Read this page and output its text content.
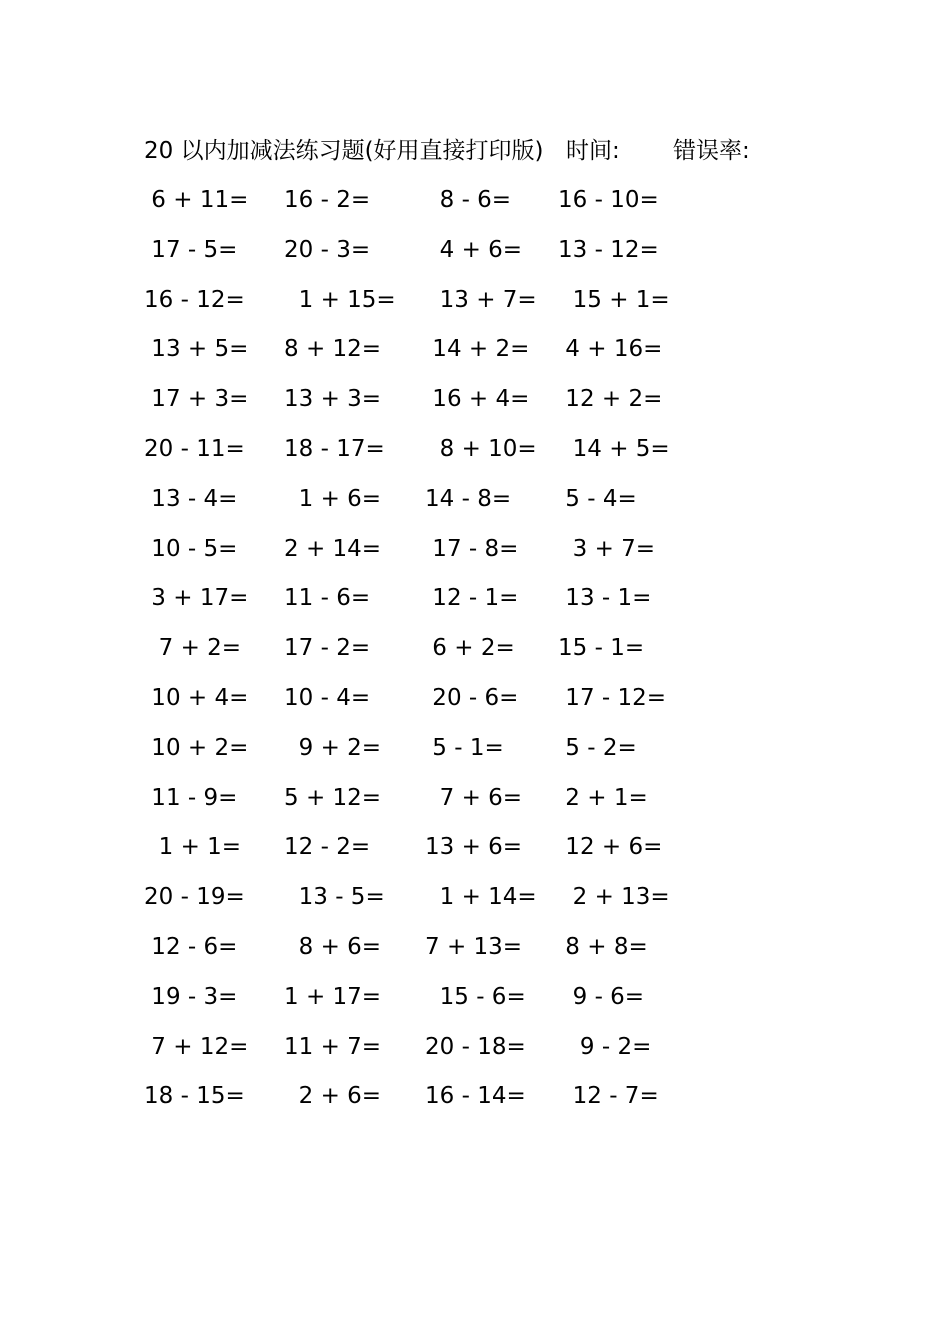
20 以内加减法练习题(好用直接打印版) 时间: 错误率:
6 + 11= 16 - 2= 8 - 6= 16 - 10=
17 - 5= 20 - 3= 4 + 6= 13 - 12=
16 - 12= 1 + 15= 13 + 7= 15 + 1=
13 + 5= 8 + 12= 14 + 2= 4 + 16=
17 + 3= 13 + 3= 16 + 4= 12 + 2=
20 - 11= 18 - 17= 8 + 10= 14 + 5=
13 - 4= 1 + 6= 14 - 8= 5 - 4=
10 - 5= 2 + 14= 17 - 8= 3 + 7=
3 + 17= 11 - 6= 12 - 1= 13 - 1=
7 + 2= 17 - 2= 6 + 2= 15 - 1=
10 + 4= 10 - 4= 20 - 6= 17 - 12=
10 + 2= 9 + 2= 5 - 1= 5 - 2=
11 - 9= 5 + 12= 7 + 6= 2 + 1=
1 + 1= 12 - 2= 13 + 6= 12 + 6=
20 - 19= 13 - 5= 1 + 14= 2 + 13=
12 - 6= 8 + 6= 7 + 13= 8 + 8=
19 - 3= 1 + 17= 15 - 6= 9 - 6=
7 + 12= 11 + 7= 20 - 18= 9 - 2=
18 - 15= 2 + 6= 16 - 14= 12 - 7=
